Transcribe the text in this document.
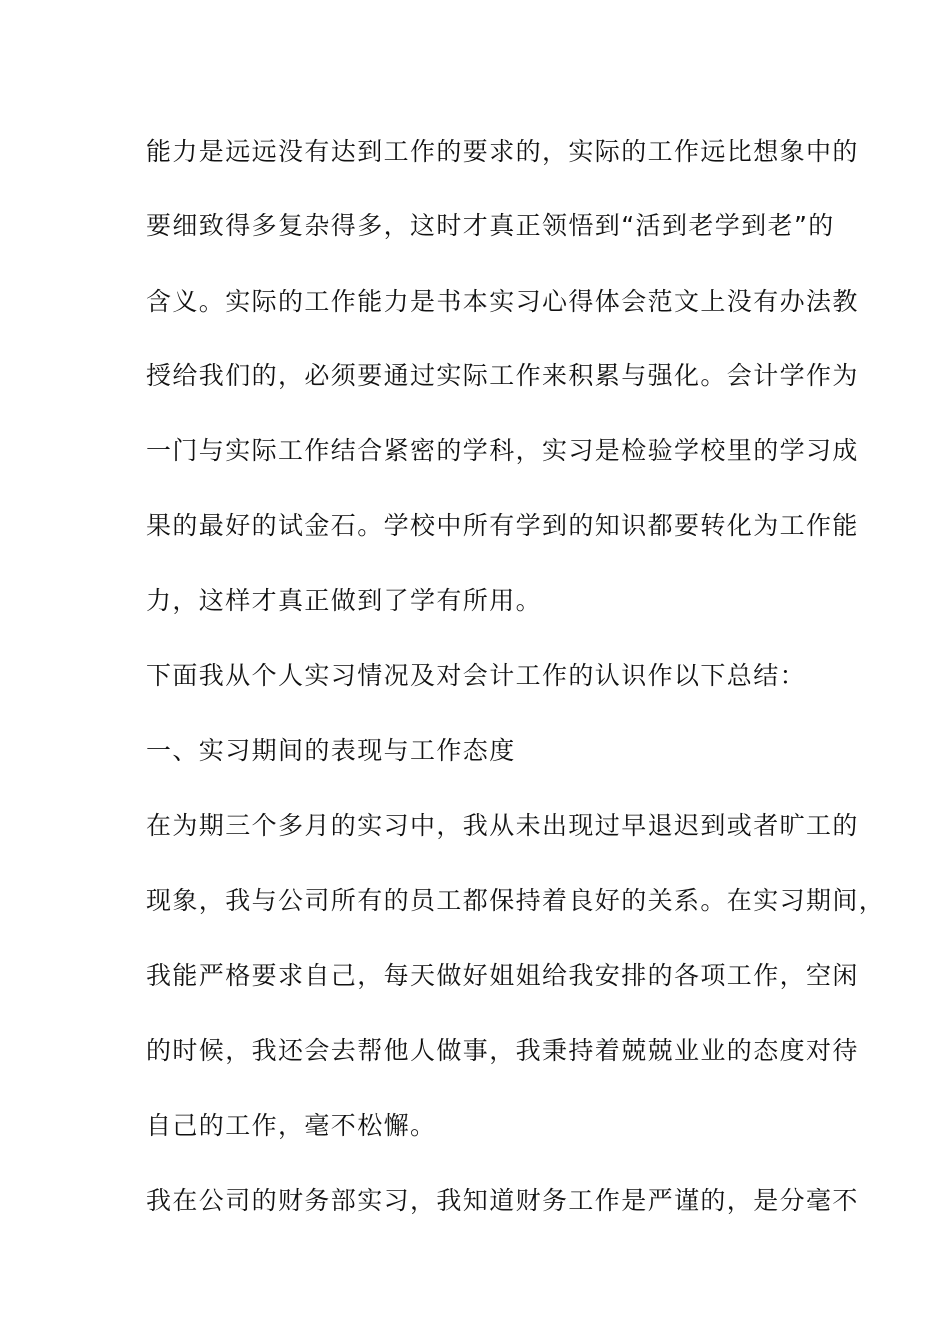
能力是远远没有达到工作的要求的，实际的工作远比想象中的

要细致得多复杂得多，这时才真正领悟到“活到老学到老”的

含义。实际的工作能力是书本实习心得体会范文上没有办法教

授给我们的，必须要通过实际工作来积累与强化。会计学作为

一门与实际工作结合紧密的学科，实习是检验学校里的学习成

果的最好的试金石。学校中所有学到的知识都要转化为工作能

力，这样才真正做到了学有所用。

下面我从个人实习情况及对会计工作的认识作以下总结：

一、实习期间的表现与工作态度

在为期三个多月的实习中，我从未出现过早退迟到或者旷工的

现象，我与公司所有的员工都保持着良好的关系。在实习期间，

我能严格要求自己，每天做好姐姐给我安排的各项工作，空闲

的时候，我还会去帮他人做事，我秉持着兢兢业业的态度对待

自己的工作，毫不松懈。

我在公司的财务部实习，我知道财务工作是严谨的，是分毫不
